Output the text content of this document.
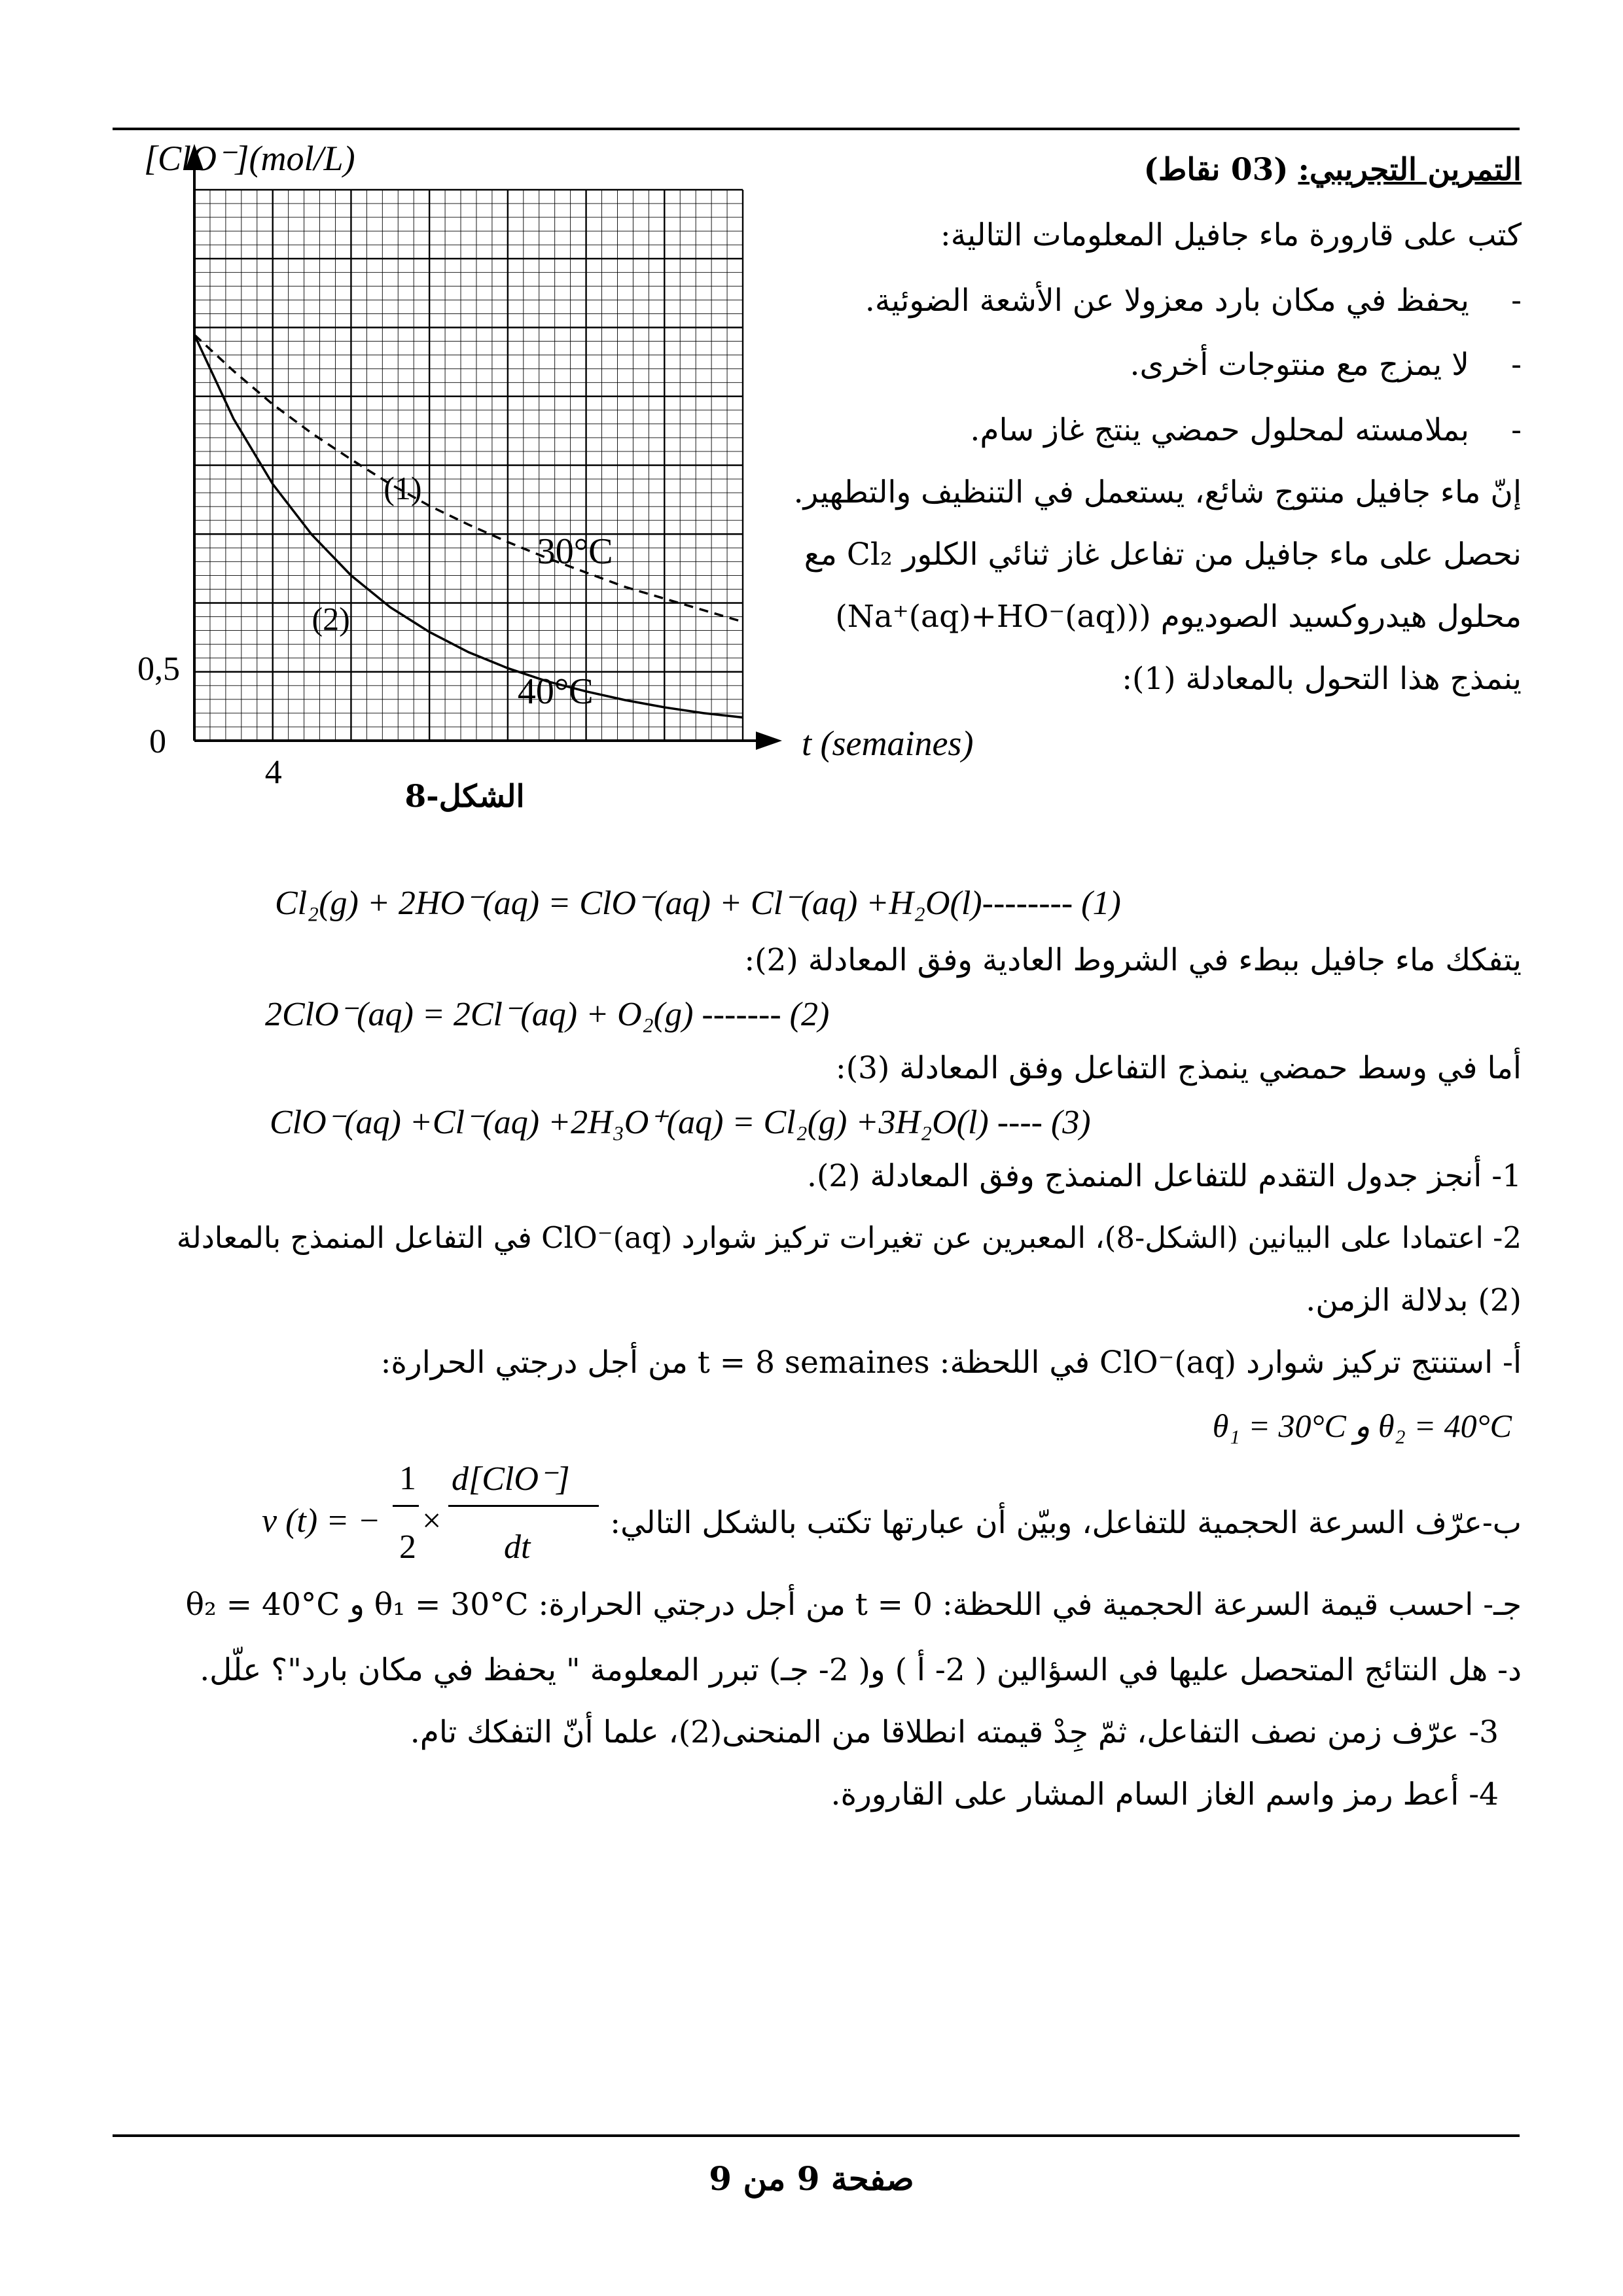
[ClO⁻](mol/L)
t (semaines)
0
0,5
4
(1)
30°C
(2)
40°C
الشكل-8
التمرين التجريبي: (03 نقاط)
كتب على قارورة ماء جافيل المعلومات التالية:
-يحفظ في مكان بارد معزولا عن الأشعة الضوئية.
-لا يمزج مع منتوجات أخرى.
-بملامسته لمحلول حمضي ينتج غاز سام.
إنّ ماء جافيل منتوج شائع، يستعمل في التنظيف والتطهير.
نحصل على ماء جافيل من تفاعل غاز ثنائي الكلور Cl₂ مع
محلول هيدروكسيد الصوديوم ((Na⁺(aq)+HO⁻(aq))
ينمذج هذا التحول بالمعادلة (1):
Cl₂(g) + 2HO⁻(aq) = ClO⁻(aq) + Cl⁻(aq) +H₂O(l)-------- (1)
يتفكك ماء جافيل ببطء في الشروط العادية وفق المعادلة (2):
2ClO⁻(aq) = 2Cl⁻(aq) + O₂(g) ------- (2)
أما في وسط حمضي ينمذج التفاعل وفق المعادلة (3):
ClO⁻(aq) +Cl⁻(aq) +2H₃O⁺(aq) = Cl₂(g) +3H₂O(l) ---- (3)
1- أنجز جدول التقدم للتفاعل المنمذج وفق المعادلة (2).
2- اعتمادا على البيانين (الشكل-8)، المعبرين عن تغيرات تركيز شوارد ClO⁻(aq) في التفاعل المنمذج بالمعادلة
(2) بدلالة الزمن.
أ- استنتج تركيز شوارد ClO⁻(aq) في اللحظة: t = 8 semaines من أجل درجتي الحرارة:
θ₂ = 40°C و θ₁ = 30°C
ب-عرّف السرعة الحجمية للتفاعل، وبيّن أن عبارتها تكتب بالشكل التالي:
v (t) = −
1
2
×
d[ClO⁻]
dt
جـ- احسب قيمة السرعة الحجمية في اللحظة: t = 0 من أجل درجتي الحرارة: θ₁ = 30°C و θ₂ = 40°C
د- هل النتائج المتحصل عليها في السؤالين ( 2- أ ) و( 2- جـ) تبرر المعلومة " يحفظ في مكان بارد"؟ علّل.
3- عرّف زمن نصف التفاعل، ثمّ جِدْ قيمته انطلاقا من المنحنى(2)، علما أنّ التفكك تام.
4- أعط رمز واسم الغاز السام المشار على القارورة.
صفحة 9 من 9
